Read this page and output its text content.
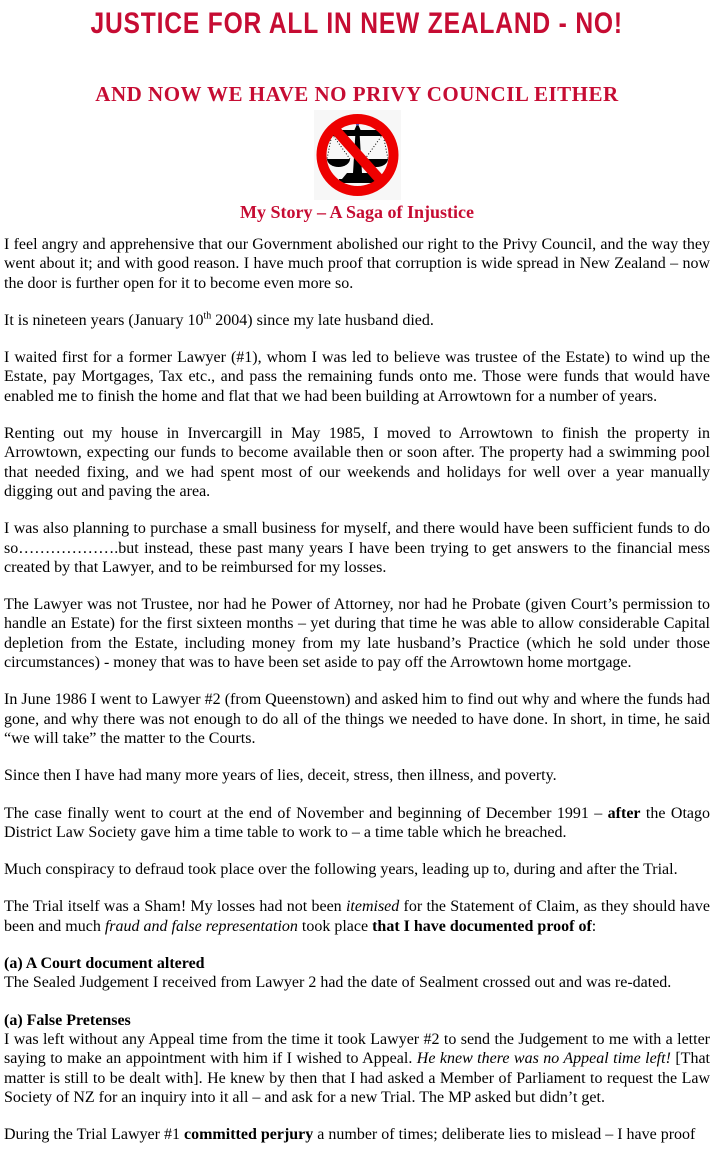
JUSTICE FOR ALL IN NEW ZEALAND - NO!
AND NOW WE HAVE NO PRIVY COUNCIL EITHER
My Story – A Saga of Injustice

I feel angry and apprehensive that our Government abolished our right to the Privy Council, and the way they went about it; and with good reason. I have much proof that corruption is wide spread in New Zealand – now the door is further open for it to become even more so.

It is nineteen years (January 10th 2004) since my late husband died.

I waited first for a former Lawyer (#1), whom I was led to believe was trustee of the Estate) to wind up the Estate, pay Mortgages, Tax etc., and pass the remaining funds onto me. Those were funds that would have enabled me to finish the home and flat that we had been building at Arrowtown for a number of years.

Renting out my house in Invercargill in May 1985, I moved to Arrowtown to finish the property in Arrowtown, expecting our funds to become available then or soon after. The property had a swimming pool that needed fixing, and we had spent most of our weekends and holidays for well over a year manually digging out and paving the area.

I was also planning to purchase a small business for myself, and there would have been sufficient funds to do so……………….but instead, these past many years I have been trying to get answers to the financial mess created by that Lawyer, and to be reimbursed for my losses.

The Lawyer was not Trustee, nor had he Power of Attorney, nor had he Probate (given Court’s permission to handle an Estate) for the first sixteen months – yet during that time he was able to allow considerable Capital depletion from the Estate, including money from my late husband’s Practice (which he sold under those circumstances) - money that was to have been set aside to pay off the Arrowtown home mortgage.

In June 1986 I went to Lawyer #2 (from Queenstown) and asked him to find out why and where the funds had gone, and why there was not enough to do all of the things we needed to have done. In short, in time, he said “we will take” the matter to the Courts.

Since then I have had many more years of lies, deceit, stress, then illness, and poverty.

The case finally went to court at the end of November and beginning of December 1991 – after the Otago District Law Society gave him a time table to work to – a time table which he breached.

Much conspiracy to defraud took place over the following years, leading up to, during and after the Trial.

The Trial itself was a Sham! My losses had not been itemised for the Statement of Claim, as they should have been and much fraud and false representation took place that I have documented proof of:

(a) A Court document altered

The Sealed Judgement I received from Lawyer 2 had the date of Sealment crossed out and was re-dated.

(a) False Pretenses

I was left without any Appeal time from the time it took Lawyer #2 to send the Judgement to me with a letter saying to make an appointment with him if I wished to Appeal. He knew there was no Appeal time left! [That matter is still to be dealt with]. He knew by then that I had asked a Member of Parliament to request the Law Society of NZ for an inquiry into it all – and ask for a new Trial. The MP asked but didn’t get.

During the Trial Lawyer #1 committed perjury a number of times; deliberate lies to mislead – I have proof
